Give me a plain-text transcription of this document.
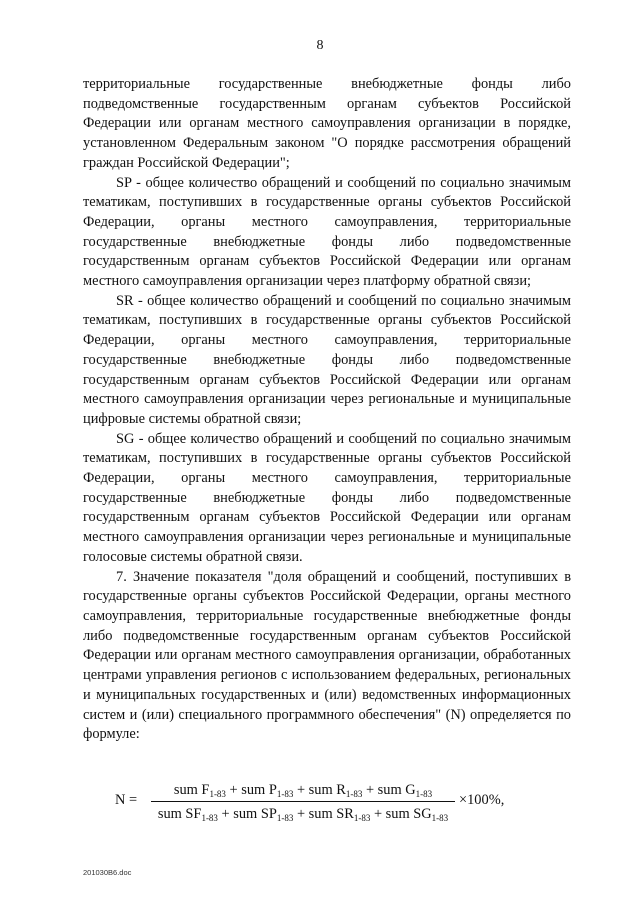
8

территориальные государственные внебюджетные фонды либо подведомственные государственным органам субъектов Российской Федерации или органам местного самоуправления организации в порядке, установленном Федеральным законом "О порядке рассмотрения обращений граждан Российской Федерации";

SP - общее количество обращений и сообщений по социально значимым тематикам, поступивших в государственные органы субъектов Российской Федерации, органы местного самоуправления, территориальные государственные внебюджетные фонды либо подведомственные государственным органам субъектов Российской Федерации или органам местного самоуправления организации через платформу обратной связи;

SR - общее количество обращений и сообщений по социально значимым тематикам, поступивших в государственные органы субъектов Российской Федерации, органы местного самоуправления, территориальные государственные внебюджетные фонды либо подведомственные государственным органам субъектов Российской Федерации или органам местного самоуправления организации через региональные и муниципальные цифровые системы обратной связи;

SG - общее количество обращений и сообщений по социально значимым тематикам, поступивших в государственные органы субъектов Российской Федерации, органы местного самоуправления, территориальные государственные внебюджетные фонды либо подведомственные государственным органам субъектов Российской Федерации или органам местного самоуправления организации через региональные и муниципальные голосовые системы обратной связи.

7. Значение показателя "доля обращений и сообщений, поступивших в государственные органы субъектов Российской Федерации, органы местного самоуправления, территориальные государственные внебюджетные фонды либо подведомственные государственным органам субъектов Российской Федерации или органам местного самоуправления организации, обработанных центрами управления регионов с использованием федеральных, региональных и муниципальных государственных и (или) ведомственных информационных систем и (или) специального программного обеспечения" (N) определяется по формуле:

N =
sum $F_{1-83}$ + sum $P_{1-83}$ + sum $R_{1-83}$ + sum $G_{1-83}$
sum $SF_{1-83}$ + sum $SP_{1-83}$ + sum $SR_{1-83}$ + sum $SG_{1-83}$
×100%,
201030B6.doc
